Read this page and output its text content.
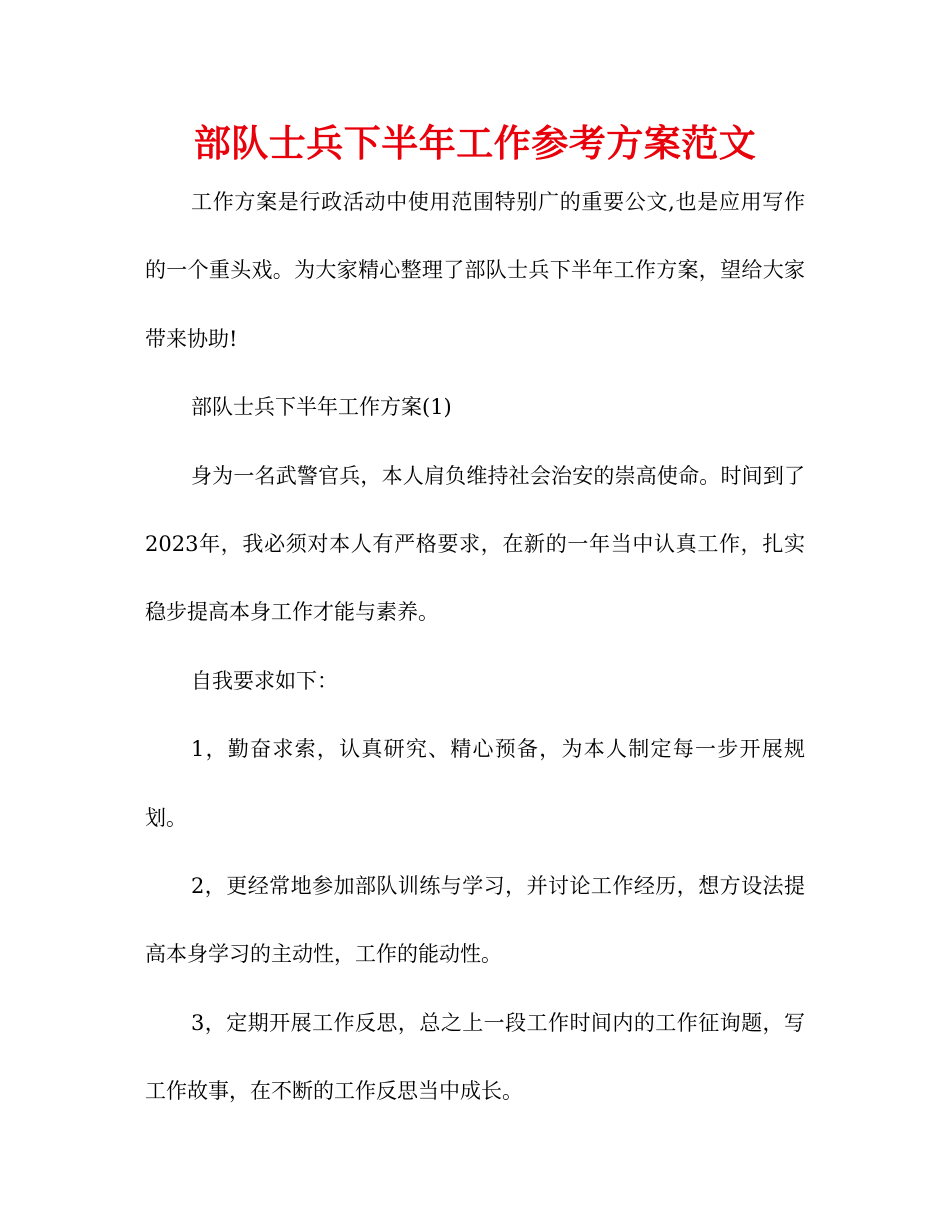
部队士兵下半年工作参考方案范文

工作方案是行政活动中使用范围特别广的重要公文,也是应用写作的一个重头戏。为大家精心整理了部队士兵下半年工作方案，望给大家带来协助!

部队士兵下半年工作方案(1)

身为一名武警官兵，本人肩负维持社会治安的崇高使命。时间到了2023年，我必须对本人有严格要求，在新的一年当中认真工作，扎实稳步提高本身工作才能与素养。

自我要求如下：

1，勤奋求索，认真研究、精心预备，为本人制定每一步开展规划。

2，更经常地参加部队训练与学习，并讨论工作经历，想方设法提高本身学习的主动性，工作的能动性。

3，定期开展工作反思，总之上一段工作时间内的工作征询题，写工作故事，在不断的工作反思当中成长。
